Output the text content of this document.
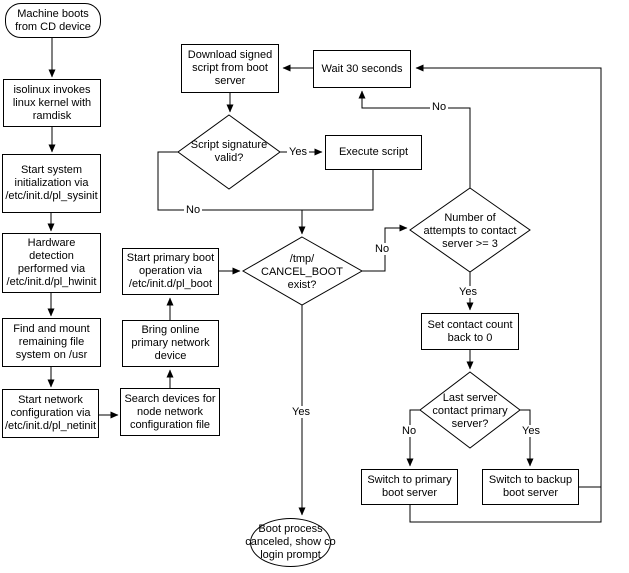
Machine boots
from CD device
isolinux invokes
linux kernel with
ramdisk
Start system
initialization via
/etc/init.d/pl_sysinit
Hardware
detection
performed via
/etc/init.d/pl_hwinit
Find and mount
remaining file
system on /usr
Start network
configuration via
/etc/init.d/pl_netinit
Search devices for
node network
configuration file
Bring online
primary network
device
Start primary boot
operation via
/etc/init.d/pl_boot
Download signed
script from boot
server
Wait 30 seconds
Execute script
Script signature
valid?
/tmp/
CANCEL_BOOT
exist?
Number of
attempts to contact
server >= 3
Last server
contact primary
server?
Set contact count
back to 0
Switch to primary
boot server
Switch to backup
boot server
Boot process
canceled, show co
login prompt
Yes
No
No
Yes
No
Yes
No	Yes
